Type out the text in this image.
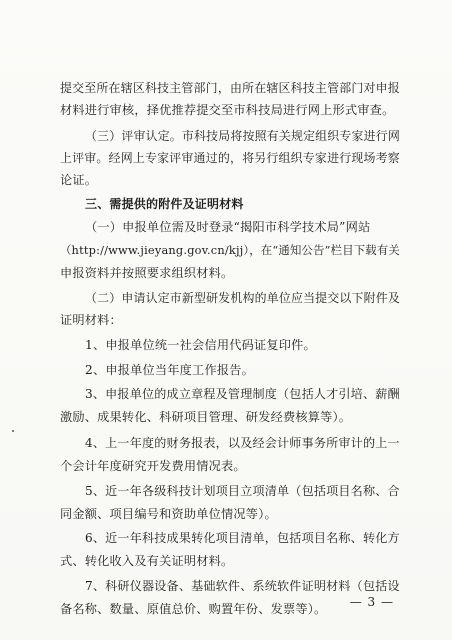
提交至所在辖区科技主管部门，由所在辖区科技主管部门对申报
材料进行审核，择优推荐提交至市科技局进行网上形式审查。
（三）评审认定。市科技局将按照有关规定组织专家进行网
上评审。经网上专家评审通过的，将另行组织专家进行现场考察
论证。
三、需提供的附件及证明材料
（一）申报单位需及时登录“揭阳市科学技术局”网站
（http://www.jieyang.gov.cn/kjj），在“通知公告”栏目下载有关
申报资料并按照要求组织材料。
（二）申请认定市新型研发机构的单位应当提交以下附件及
证明材料：
1、申报单位统一社会信用代码证复印件。
2、申报单位当年度工作报告。
3、申报单位的成立章程及管理制度（包括人才引培、薪酬
激励、成果转化、科研项目管理、研发经费核算等）。
4、上一年度的财务报表，以及经会计师事务所审计的上一
个会计年度研究开发费用情况表。
5、近一年各级科技计划项目立项清单（包括项目名称、合
同金额、项目编号和资助单位情况等）。
6、近一年科技成果转化项目清单，包括项目名称、转化方
式、转化收入及有关证明材料。
7、科研仪器设备、基础软件、系统软件证明材料（包括设
备名称、数量、原值总价、购置年份、发票等）。 — 3 —
